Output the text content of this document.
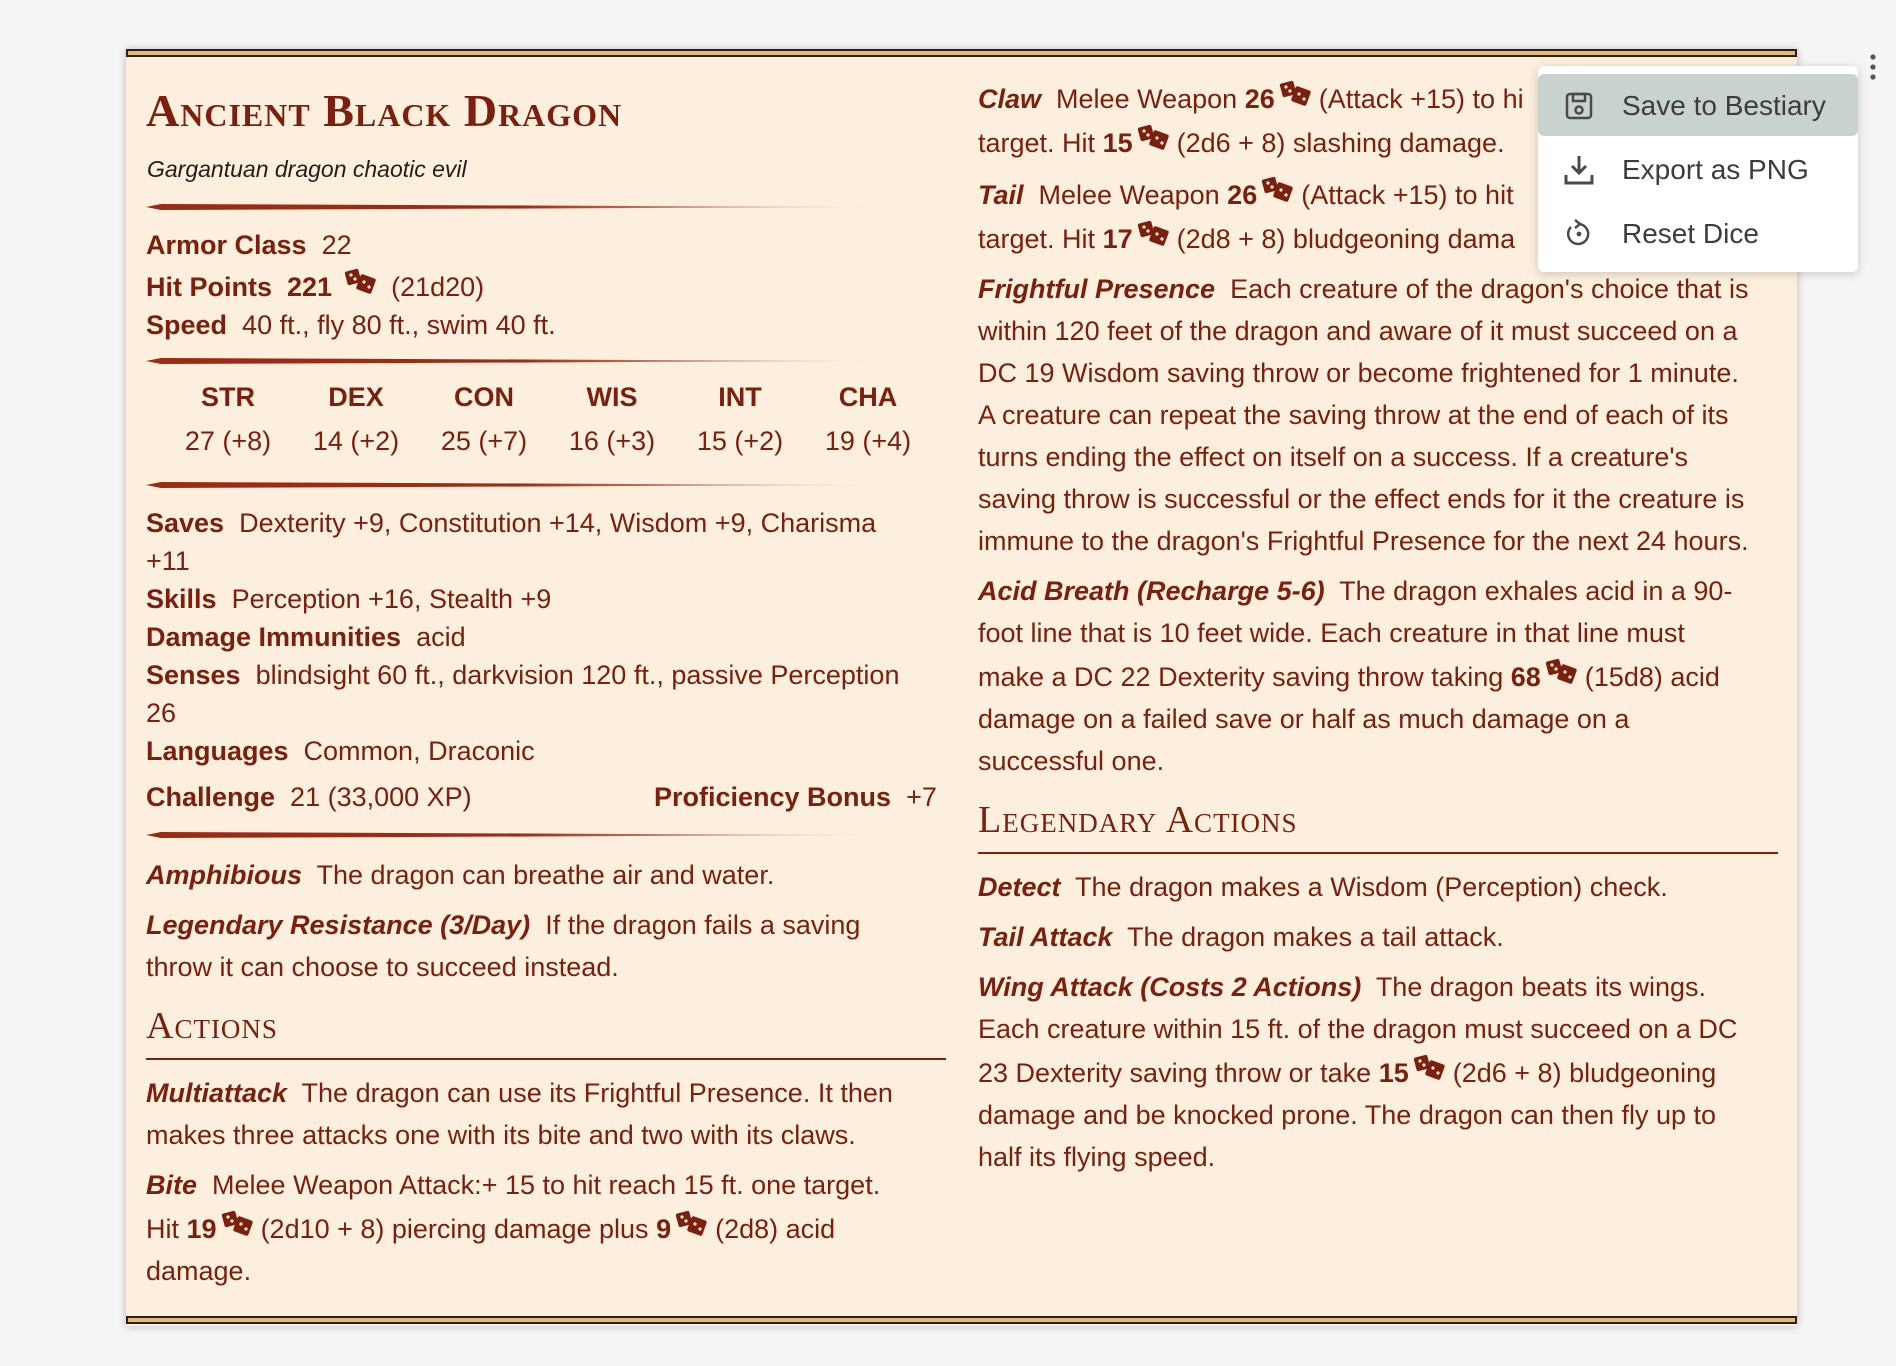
Ancient Black Dragon
Gargantuan dragon chaotic evil
Armor Class 22
Hit Points 221 (21d20)
Speed 40 ft., fly 80 ft., swim 40 ft.
STR	DEX	CON	WIS	INT	CHA
27 (+8)	14 (+2)	25 (+7)	16 (+3)	15 (+2)	19 (+4)
Saves Dexterity +9, Constitution +14, Wisdom +9, Charisma
+11
Skills Perception +16, Stealth +9
Damage Immunities acid
Senses blindsight 60 ft., darkvision 120 ft., passive Perception
26
Languages Common, Draconic
Challenge 21 (33,000 XP)	Proficiency Bonus +7
Amphibious The dragon can breathe air and water.
Legendary Resistance (3/Day) If the dragon fails a saving
throw it can choose to succeed instead.
Actions
Multiattack The dragon can use its Frightful Presence. It then
makes three attacks one with its bite and two with its claws.
Bite Melee Weapon Attack:+ 15 to hit reach 15 ft. one target.
Hit 19 (2d10 + 8) piercing damage plus 9 (2d8) acid
damage.
Claw Melee Weapon 26 (Attack +15) to hi
target. Hit 15 (2d6 + 8) slashing damage.
Tail Melee Weapon 26 (Attack +15) to hit
target. Hit 17 (2d8 + 8) bludgeoning dama
Frightful Presence Each creature of the dragon's choice that is
within 120 feet of the dragon and aware of it must succeed on a
DC 19 Wisdom saving throw or become frightened for 1 minute.
A creature can repeat the saving throw at the end of each of its
turns ending the effect on itself on a success. If a creature's
saving throw is successful or the effect ends for it the creature is
immune to the dragon's Frightful Presence for the next 24 hours.
Acid Breath (Recharge 5-6) The dragon exhales acid in a 90-
foot line that is 10 feet wide. Each creature in that line must
make a DC 22 Dexterity saving throw taking 68 (15d8) acid
damage on a failed save or half as much damage on a
successful one.
Legendary Actions
Detect The dragon makes a Wisdom (Perception) check.
Tail Attack The dragon makes a tail attack.
Wing Attack (Costs 2 Actions) The dragon beats its wings.
Each creature within 15 ft. of the dragon must succeed on a DC
23 Dexterity saving throw or take 15 (2d6 + 8) bludgeoning
damage and be knocked prone. The dragon can then fly up to
half its flying speed.
Save to Bestiary
Export as PNG
Reset Dice
